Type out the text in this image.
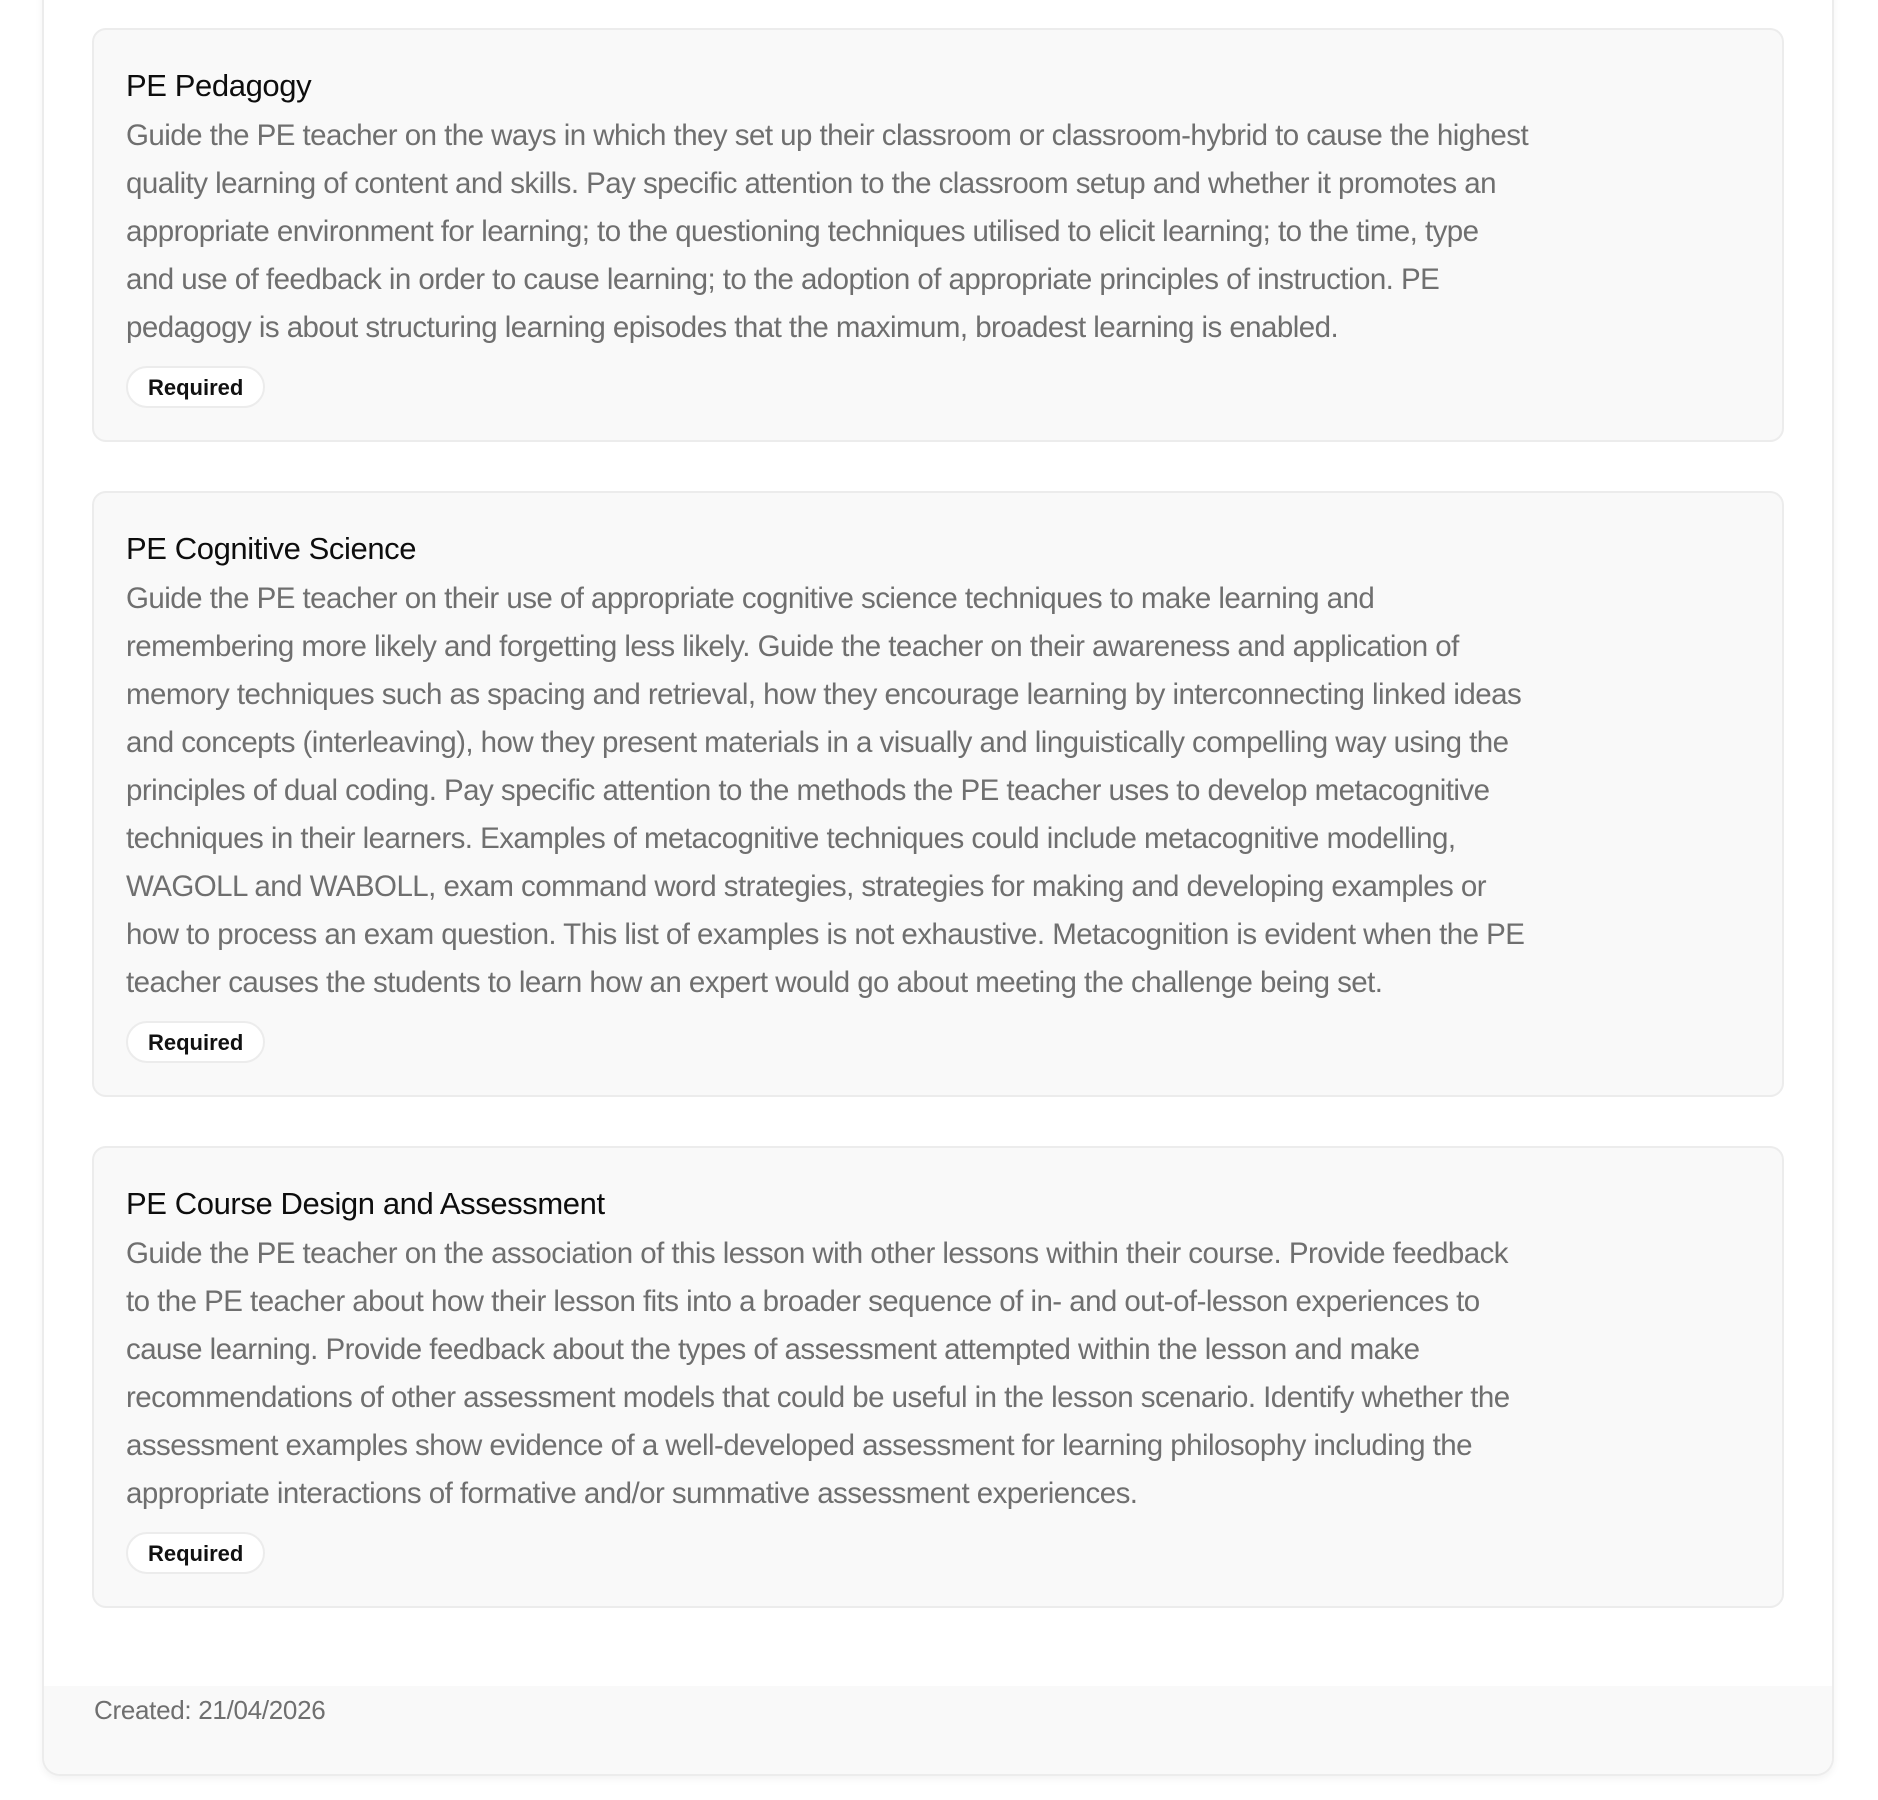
PE Pedagogy

Guide the PE teacher on the ways in which they set up their classroom or classroom-hybrid to cause the highest
quality learning of content and skills. Pay specific attention to the classroom setup and whether it promotes an
appropriate environment for learning; to the questioning techniques utilised to elicit learning; to the time, type
and use of feedback in order to cause learning; to the adoption of appropriate principles of instruction. PE
pedagogy is about structuring learning episodes that the maximum, broadest learning is enabled.

Required
PE Cognitive Science

Guide the PE teacher on their use of appropriate cognitive science techniques to make learning and
remembering more likely and forgetting less likely. Guide the teacher on their awareness and application of
memory techniques such as spacing and retrieval, how they encourage learning by interconnecting linked ideas
and concepts (interleaving), how they present materials in a visually and linguistically compelling way using the
principles of dual coding. Pay specific attention to the methods the PE teacher uses to develop metacognitive
techniques in their learners. Examples of metacognitive techniques could include metacognitive modelling,
WAGOLL and WABOLL, exam command word strategies, strategies for making and developing examples or
how to process an exam question. This list of examples is not exhaustive. Metacognition is evident when the PE
teacher causes the students to learn how an expert would go about meeting the challenge being set.

Required
PE Course Design and Assessment

Guide the PE teacher on the association of this lesson with other lessons within their course. Provide feedback
to the PE teacher about how their lesson fits into a broader sequence of in- and out-of-lesson experiences to
cause learning. Provide feedback about the types of assessment attempted within the lesson and make
recommendations of other assessment models that could be useful in the lesson scenario. Identify whether the
assessment examples show evidence of a well-developed assessment for learning philosophy including the
appropriate interactions of formative and/or summative assessment experiences.

Required
Created: 21/04/2026
